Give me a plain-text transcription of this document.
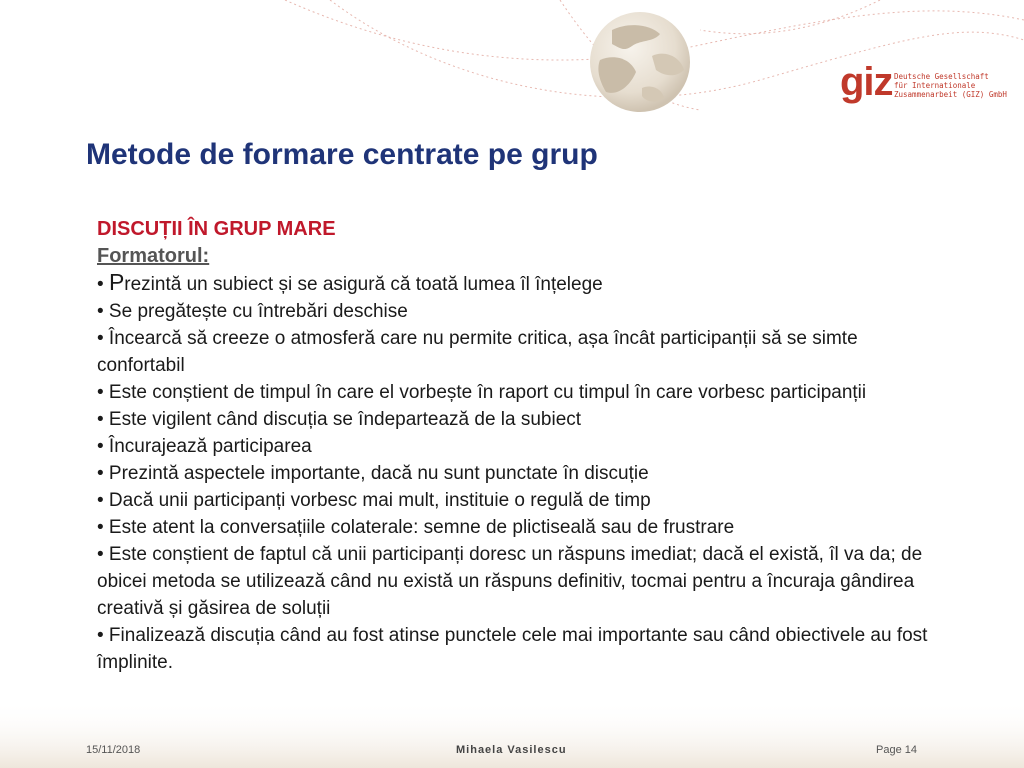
giz Deutsche Gesellschaft
für Internationale
Zusammenarbeit (GIZ) GmbH
Metode de formare centrate pe grup
DISCUȚII ÎN GRUP MARE
Formatorul:
• Prezintă un subiect și se asigură că toată lumea îl înțelege
• Se pregătește cu întrebări deschise
• Încearcă să creeze o atmosferă care nu permite critica, așa încât participanții să se simte confortabil
• Este conștient de timpul în care el vorbește în raport cu timpul în care vorbesc participanții
• Este vigilent când discuția se îndepartează de la subiect
• Încurajează participarea
• Prezintă aspectele importante, dacă nu sunt punctate în discuție
• Dacă unii participanți vorbesc mai mult, instituie o regulă de timp
• Este atent la conversațiile colaterale: semne de plictiseală sau de frustrare
• Este conștient de faptul că unii participanți doresc un răspuns imediat; dacă el există, îl va da; de obicei metoda se utilizează când nu există un răspuns definitiv, tocmai pentru a încuraja gândirea creativă și găsirea de soluții
• Finalizează discuția când au fost atinse punctele cele mai importante sau când obiectivele au fost împlinite.
15/11/2018	Mihaela Vasilescu	Page 14
